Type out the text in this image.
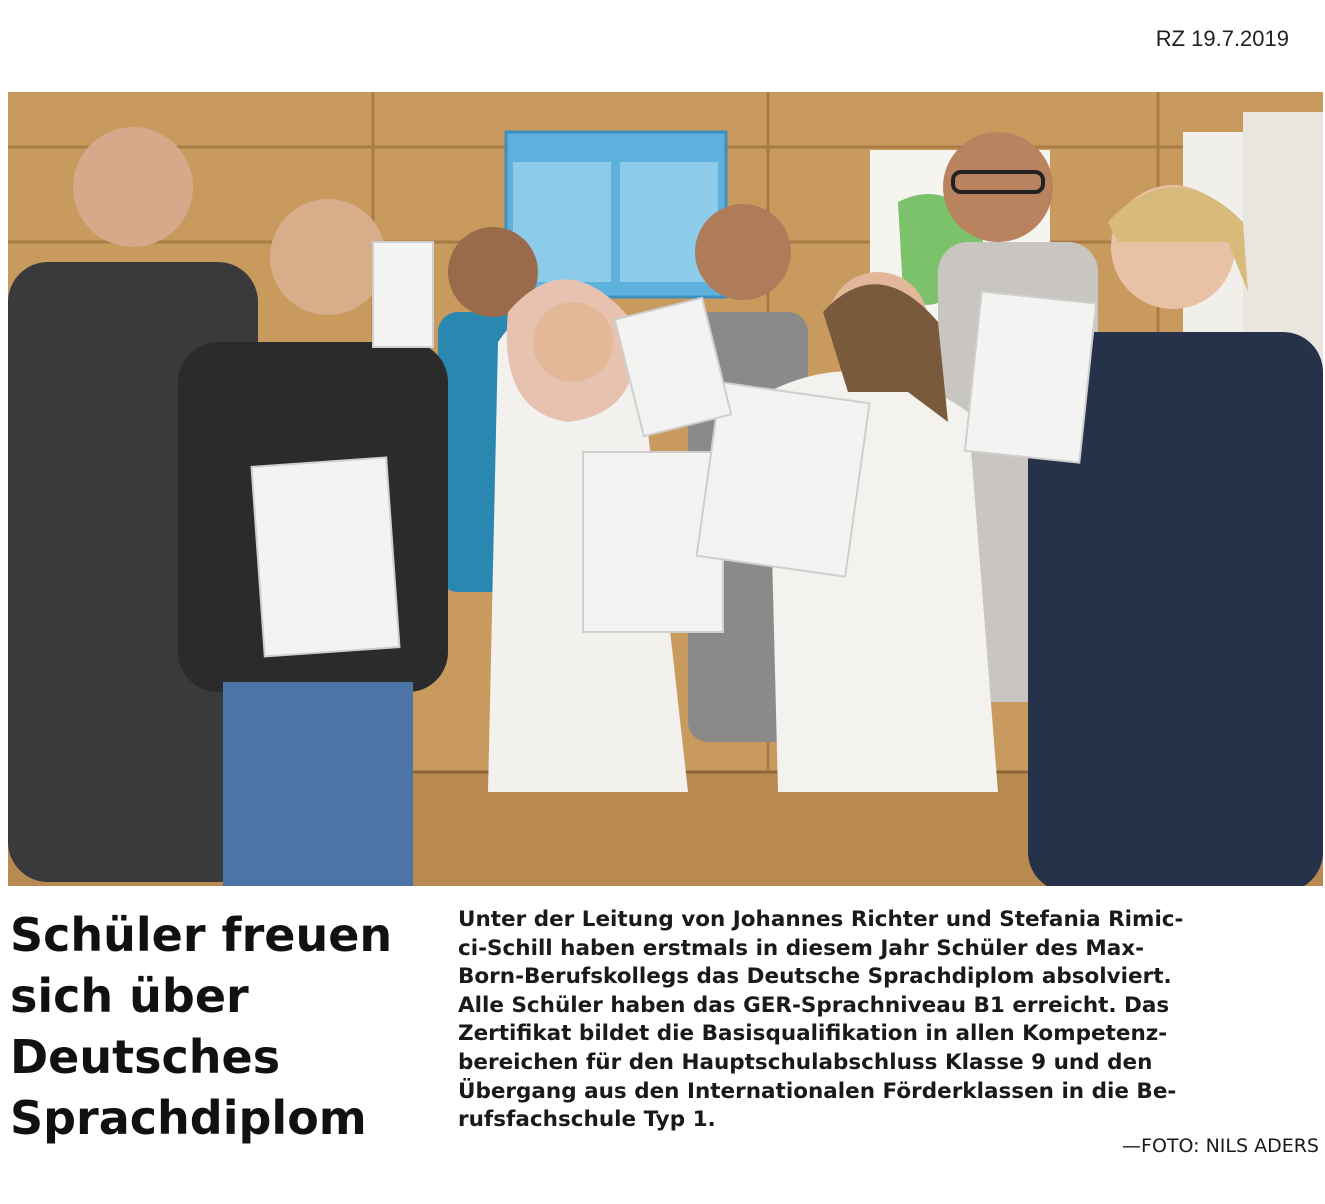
RZ 19.7.2019
Schüler freuen
sich über
Deutsches
Sprachdiplom

Unter der Leitung von Johannes Richter und Stefania Rimic-
ci-Schill haben erstmals in diesem Jahr Schüler des Max-
Born-Berufskollegs das Deutsche Sprachdiplom absolviert.
Alle Schüler haben das GER-Sprachniveau B1 erreicht. Das
Zertifikat bildet die Basisqualifikation in allen Kompetenz-
bereichen für den Hauptschulabschluss Klasse 9 und den
Übergang aus den Internationalen Förderklassen in die Be-
rufsfachschule Typ 1.

—FOTO: NILS ADERS
